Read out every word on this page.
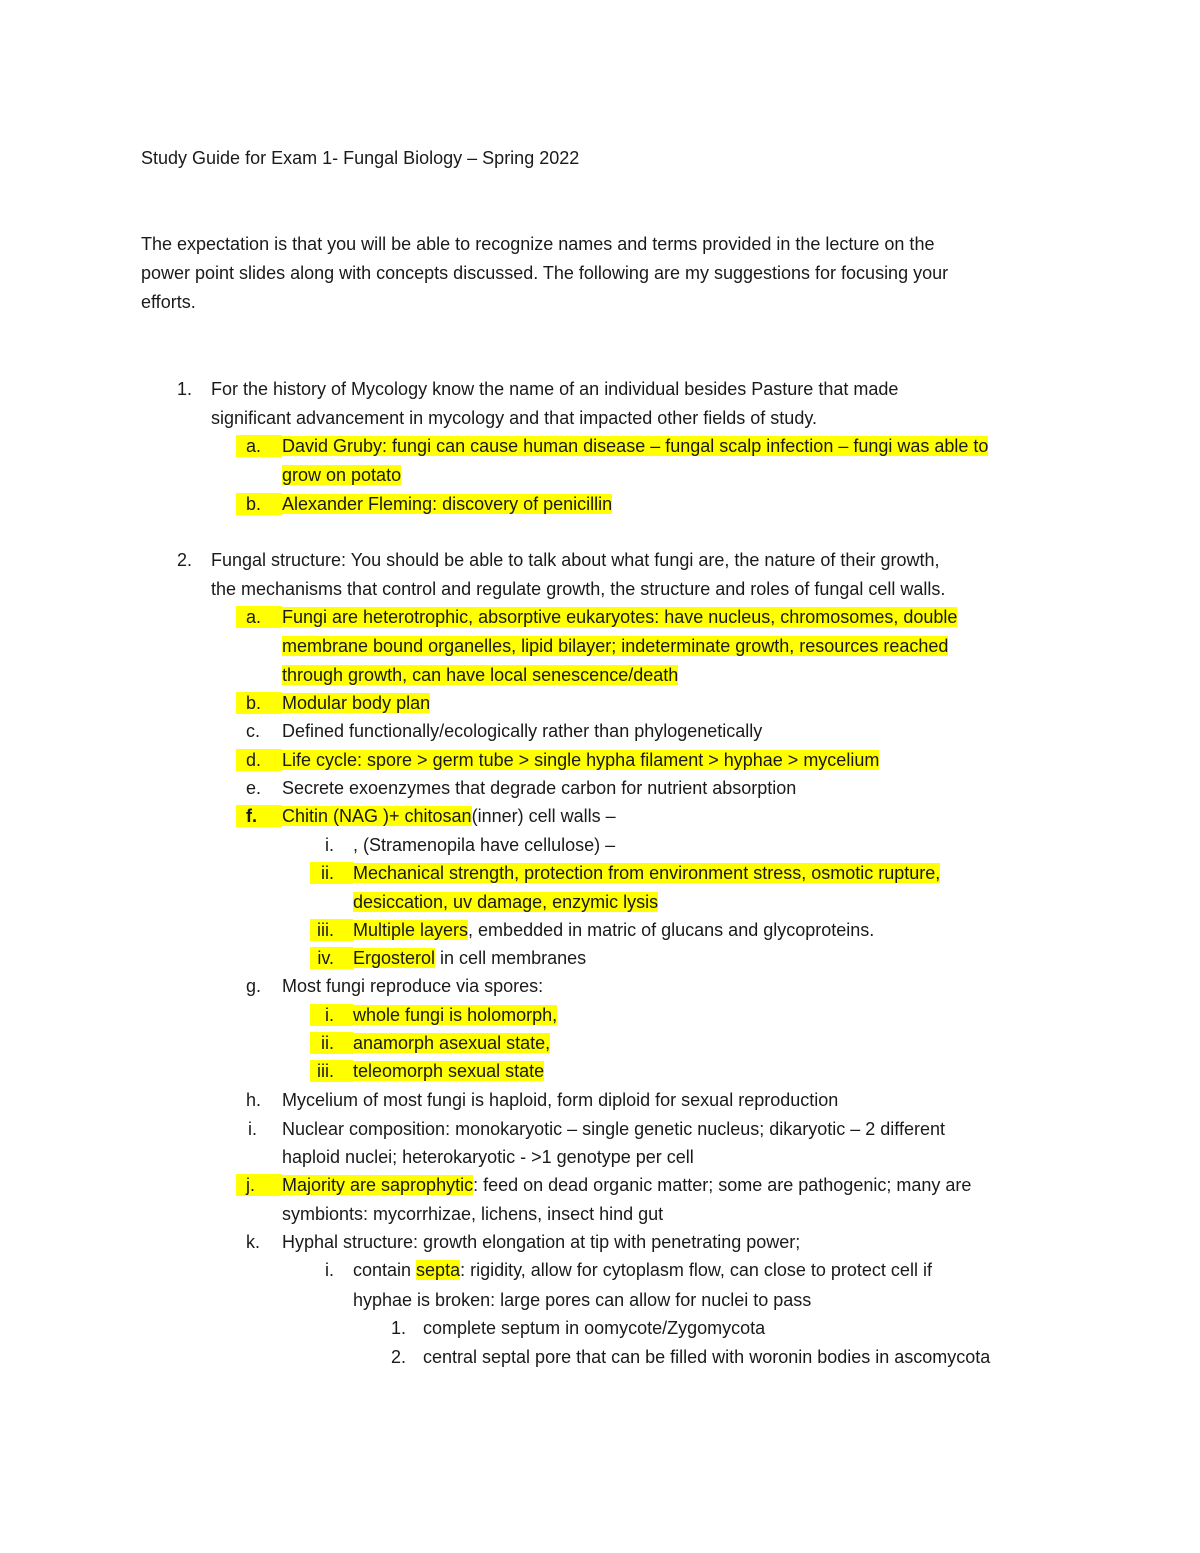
Study Guide for Exam 1- Fungal Biology – Spring 2022
The expectation is that you will be able to recognize names and terms provided in the lecture on the
power point slides along with concepts discussed. The following are my suggestions for focusing your
efforts.
1. For the history of Mycology know the name of an individual besides Pasture that made
significant advancement in mycology and that impacted other fields of study.
a.	David Gruby: fungi can cause human disease – fungal scalp infection – fungi was able to
grow on potato
b.	Alexander Fleming: discovery of penicillin
2. Fungal structure: You should be able to talk about what fungi are, the nature of their growth,
the mechanisms that control and regulate growth, the structure and roles of fungal cell walls.
a.	Fungi are heterotrophic, absorptive eukaryotes: have nucleus, chromosomes, double
membrane bound organelles, lipid bilayer; indeterminate growth, resources reached
through growth, can have local senescence/death
b.	Modular body plan
c. Defined functionally/ecologically rather than phylogenetically
d.	Life cycle: spore > germ tube > single hypha filament > hyphae > mycelium
e. Secrete exoenzymes that degrade carbon for nutrient absorption
f.	Chitin (NAG )+ chitosan(inner) cell walls –
i. , (Stramenopila have cellulose) –
ii.	Mechanical strength, protection from environment stress, osmotic rupture,
desiccation, uv damage, enzymic lysis
iii.	Multiple layers, embedded in matric of glucans and glycoproteins.
iv.	Ergosterol in cell membranes
g. Most fungi reproduce via spores:
i.	whole fungi is holomorph,
ii.	anamorph asexual state,
iii.	teleomorph sexual state
h. Mycelium of most fungi is haploid, form diploid for sexual reproduction
i. Nuclear composition: monokaryotic – single genetic nucleus; dikaryotic – 2 different
haploid nuclei; heterokaryotic - >1 genotype per cell
j.	Majority are saprophytic: feed on dead organic matter; some are pathogenic; many are
symbionts: mycorrhizae, lichens, insect hind gut
k. Hyphal structure: growth elongation at tip with penetrating power;
i. contain septa: rigidity, allow for cytoplasm flow, can close to protect cell if
hyphae is broken: large pores can allow for nuclei to pass
1. complete septum in oomycote/Zygomycota
2. central septal pore that can be filled with woronin bodies in ascomycota
